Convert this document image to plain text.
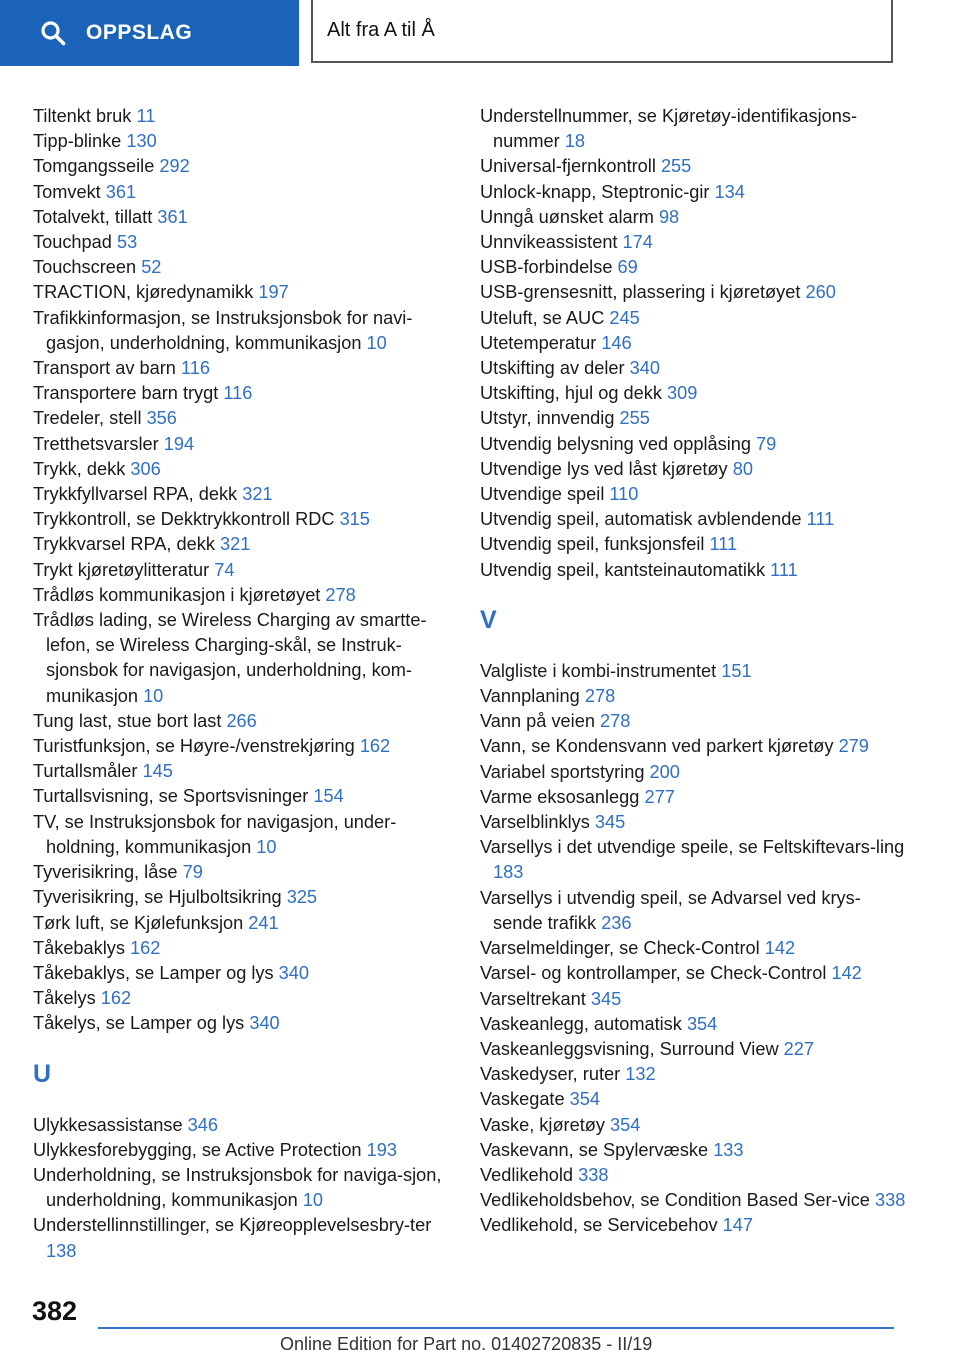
OPPSLAG	Alt fra A til Å
Tiltenkt bruk 11
Tipp-blinke 130
Tomgangsseile 292
Tomvekt 361
Totalvekt, tillatt 361
Touchpad 53
Touchscreen 52
TRACTION, kjøredynamikk 197
Trafikkinformasjon, se Instruksjonsbok for navi‐gasjon, underholdning, kommunikasjon 10
Transport av barn 116
Transportere barn trygt 116
Tredeler, stell 356
Tretthetsvarsler 194
Trykk, dekk 306
Trykkfyllvarsel RPA, dekk 321
Trykkontroll, se Dekktrykkontroll RDC 315
Trykkvarsel RPA, dekk 321
Trykt kjøretøylitteratur 74
Trådløs kommunikasjon i kjøretøyet 278
Trådløs lading, se Wireless Charging av smartte‐lefon, se Wireless Charging-skål, se Instruk‐sjonsbok for navigasjon, underholdning, kom‐munikasjon 10
Tung last, stue bort last 266
Turistfunksjon, se Høyre-/venstrekjøring 162
Turtallsmåler 145
Turtallsvisning, se Sportsvisninger 154
TV, se Instruksjonsbok for navigasjon, under‐holdning, kommunikasjon 10
Tyverisikring, låse 79
Tyverisikring, se Hjulboltsikring 325
Tørk luft, se Kjølefunksjon 241
Tåkebaklys 162
Tåkebaklys, se Lamper og lys 340
Tåkelys 162
Tåkelys, se Lamper og lys 340
U
Ulykkesassistanse 346
Ulykkesforebygging, se Active Protection 193
Underholdning, se Instruksjonsbok for naviga‐sjon, underholdning, kommunikasjon 10
Understellinnstillinger, se Kjøreopplevelsesbry‐ter 138
Understellnummer, se Kjøretøy-identifikasjons‐nummer 18
Universal-fjernkontroll 255
Unlock-knapp, Steptronic-gir 134
Unngå uønsket alarm 98
Unnvikeassistent 174
USB-forbindelse 69
USB-grensesnitt, plassering i kjøretøyet 260
Uteluft, se AUC 245
Utetemperatur 146
Utskifting av deler 340
Utskifting, hjul og dekk 309
Utstyr, innvendig 255
Utvendig belysning ved opplåsing 79
Utvendige lys ved låst kjøretøy 80
Utvendige speil 110
Utvendig speil, automatisk avblendende 111
Utvendig speil, funksjonsfeil 111
Utvendig speil, kantsteinautomatikk 111
V
Valgliste i kombi-instrumentet 151
Vannplaning 278
Vann på veien 278
Vann, se Kondensvann ved parkert kjøretøy 279
Variabel sportstyring 200
Varme eksosanlegg 277
Varselblinklys 345
Varsellys i det utvendige speile, se Feltskiftevars‐ling 183
Varsellys i utvendig speil, se Advarsel ved krys‐sende trafikk 236
Varselmeldinger, se Check-Control 142
Varsel- og kontrollamper, se Check-Control 142
Varseltrekant 345
Vaskeanlegg, automatisk 354
Vaskeanleggsvisning, Surround View 227
Vaskedyser, ruter 132
Vaskegate 354
Vaske, kjøretøy 354
Vaskevann, se Spylervæske 133
Vedlikehold 338
Vedlikeholdsbehov, se Condition Based Ser‐vice 338
Vedlikehold, se Servicebehov 147
382
Online Edition for Part no. 01402720835 - II/19
